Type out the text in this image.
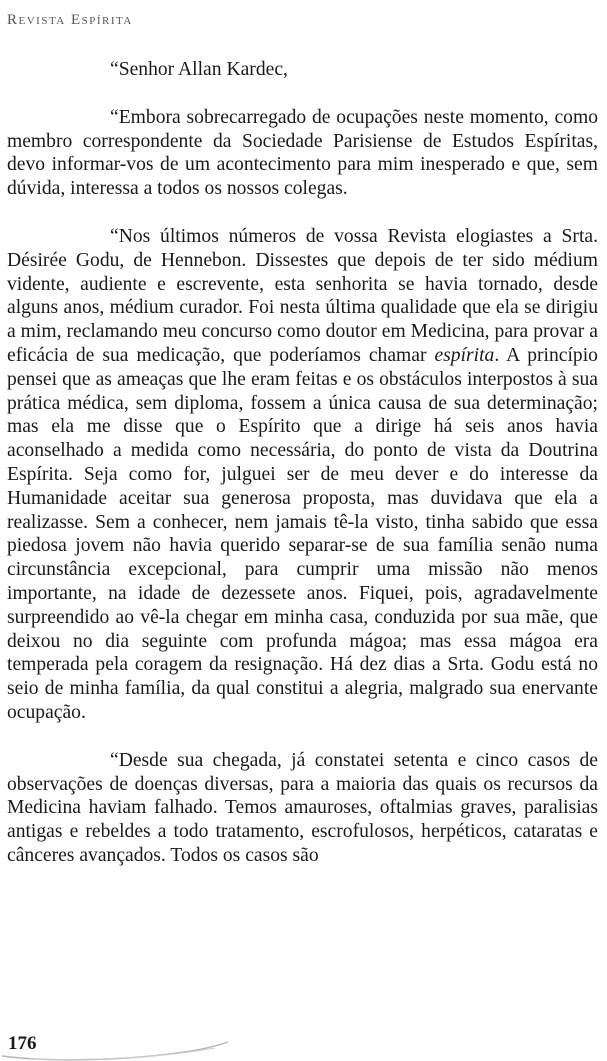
Revista Espírita

“Senhor Allan Kardec,

“Embora sobrecarregado de ocupações neste momento, como membro correspondente da Sociedade Parisiense de Estudos Espíritas, devo informar-vos de um acontecimento para mim inesperado e que, sem dúvida, interessa a todos os nossos colegas.

“Nos últimos números de vossa Revista elogiastes a Srta. Désirée Godu, de Hennebon. Dissestes que depois de ter sido médium vidente, audiente e escrevente, esta senhorita se havia tornado, desde alguns anos, médium curador. Foi nesta última qualidade que ela se dirigiu a mim, reclamando meu concurso como doutor em Medicina, para provar a eficácia de sua medicação, que poderíamos chamar espírita. A princípio pensei que as ameaças que lhe eram feitas e os obstáculos interpostos à sua prática médica, sem diploma, fossem a única causa de sua determinação; mas ela me disse que o Espírito que a dirige há seis anos havia aconselhado a medida como necessária, do ponto de vista da Doutrina Espírita. Seja como for, julguei ser de meu dever e do interesse da Humanidade aceitar sua generosa proposta, mas duvidava que ela a realizasse. Sem a conhecer, nem jamais tê-la visto, tinha sabido que essa piedosa jovem não havia querido separar-se de sua família senão numa circunstância excepcional, para cumprir uma missão não menos importante, na idade de dezessete anos. Fiquei, pois, agradavelmente surpreendido ao vê-la chegar em minha casa, conduzida por sua mãe, que deixou no dia seguinte com profunda mágoa; mas essa mágoa era temperada pela coragem da resignação. Há dez dias a Srta. Godu está no seio de minha família, da qual constitui a alegria, malgrado sua enervante ocupação.

“Desde sua chegada, já constatei setenta e cinco casos de observações de doenças diversas, para a maioria das quais os recursos da Medicina haviam falhado. Temos amauroses, oftalmias graves, paralisias antigas e rebeldes a todo tratamento, escrofulosos, herpéticos, cataratas e cânceres avançados. Todos os casos são

176
